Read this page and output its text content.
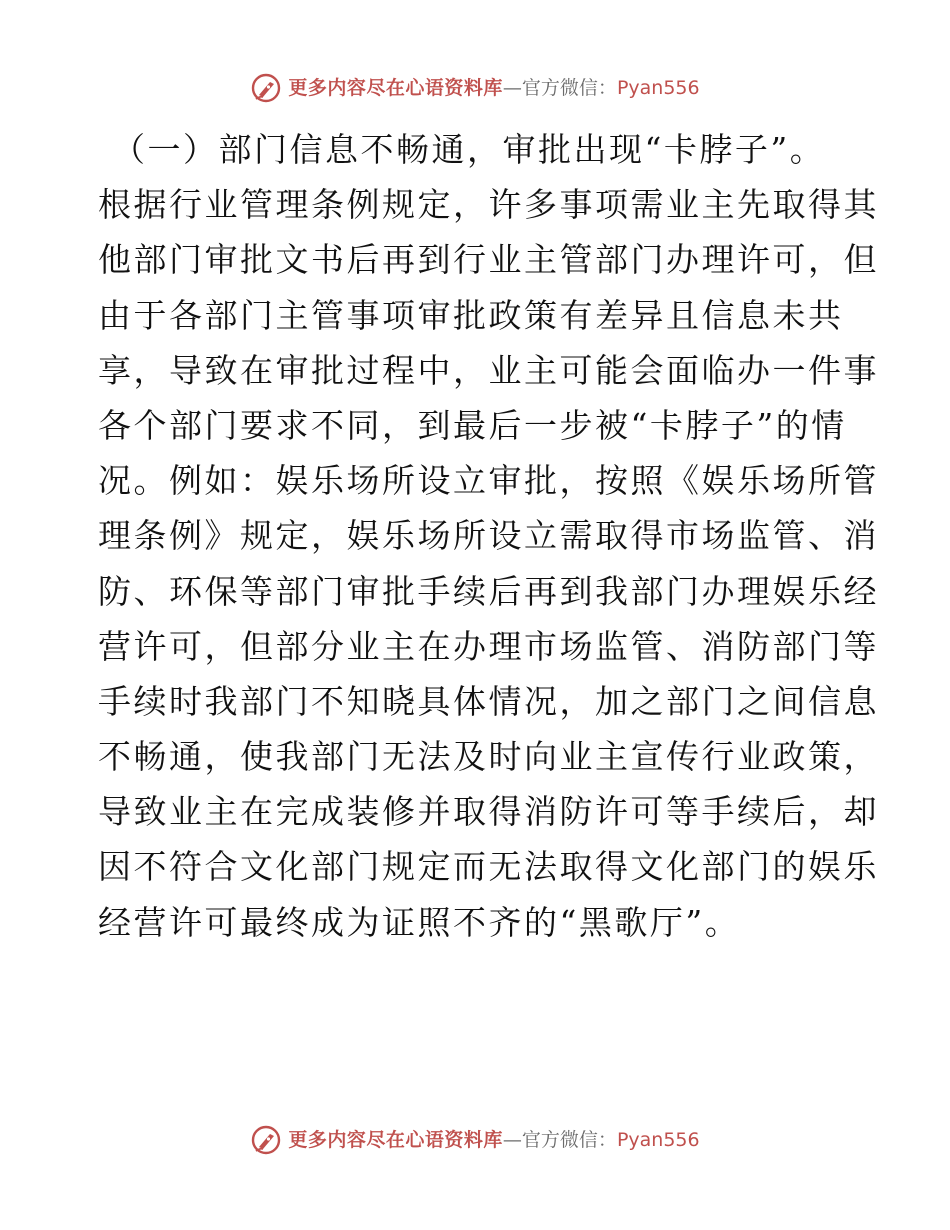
更多内容尽在心语资料库—官方微信：Pyan556
（一）部门信息不畅通，审批出现“卡脖子”。
根据行业管理条例规定，许多事项需业主先取得其
他部门审批文书后再到行业主管部门办理许可，但
由于各部门主管事项审批政策有差异且信息未共
享，导致在审批过程中，业主可能会面临办一件事
各个部门要求不同，到最后一步被“卡脖子”的情
况。例如：娱乐场所设立审批，按照《娱乐场所管
理条例》规定，娱乐场所设立需取得市场监管、消
防、环保等部门审批手续后再到我部门办理娱乐经
营许可，但部分业主在办理市场监管、消防部门等
手续时我部门不知晓具体情况，加之部门之间信息
不畅通，使我部门无法及时向业主宣传行业政策，
导致业主在完成装修并取得消防许可等手续后，却
因不符合文化部门规定而无法取得文化部门的娱乐
经营许可最终成为证照不齐的“黑歌厅”。
更多内容尽在心语资料库—官方微信：Pyan556
